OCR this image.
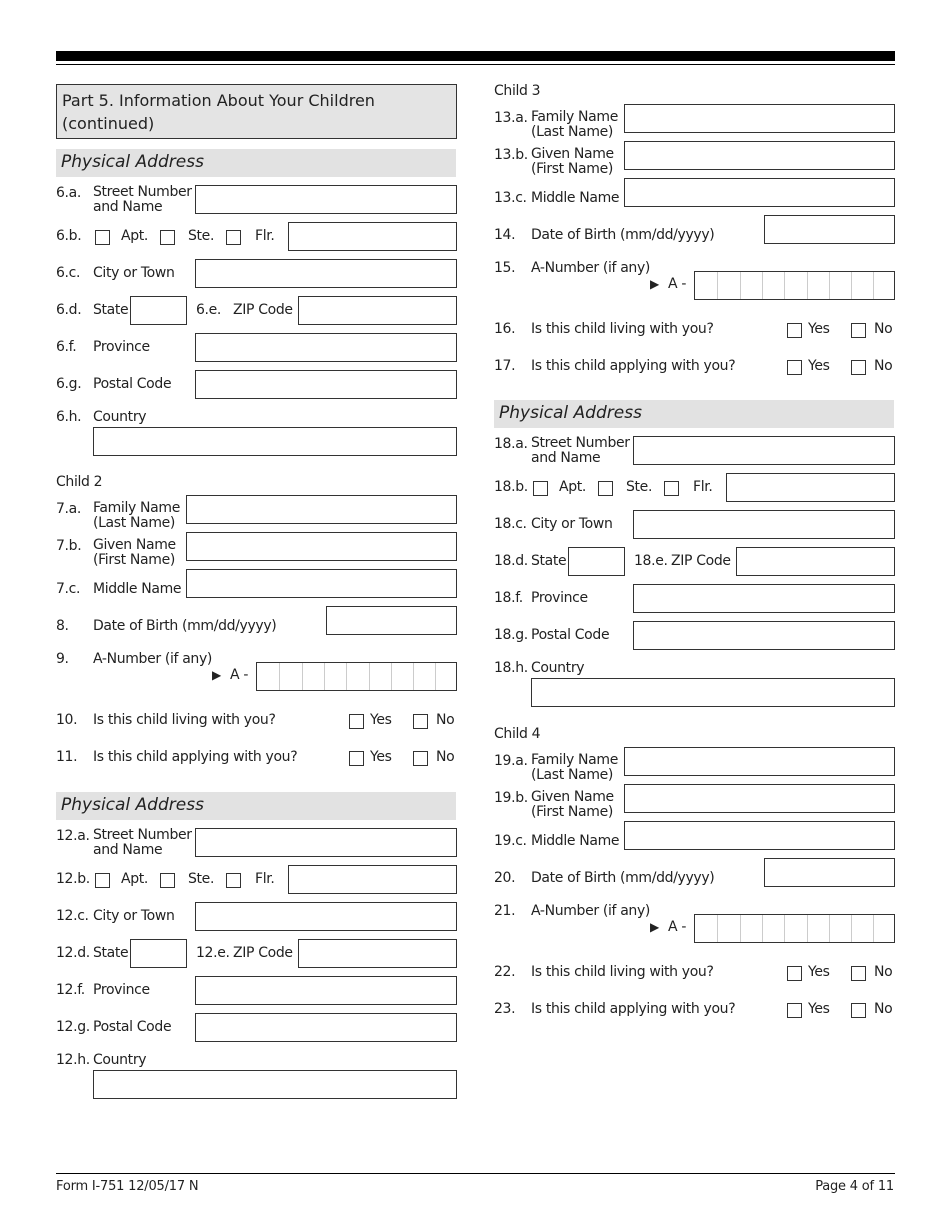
Part 5. Information About Your Children
(continued)
Physical Address
6.a. Street Number
and Name
6.b.	Apt.	Ste.	Flr.
6.c. City or Town
6.d. State	6.e. ZIP Code
6.f. Province
6.g. Postal Code
6.h. Country
Child 2
7.a. Family Name
(Last Name)
7.b. Given Name
(First Name)
7.c. Middle Name
8. Date of Birth (mm/dd/yyyy)
9. A-Number (if any)
▶ A -
10. Is this child living with you?	Yes	No
11. Is this child applying with you?	Yes	No
Physical Address
12.a. Street Number
and Name
12.b. Apt.	Ste.	Flr.
12.c. City or Town
12.d. State	12.e. ZIP Code
12.f. Province
12.g. Postal Code
12.h. Country
Child 3
13.a. Family Name
(Last Name)
13.b. Given Name
(First Name)
13.c. Middle Name
14. Date of Birth (mm/dd/yyyy)
15. A-Number (if any)
▶ A -
16. Is this child living with you?	Yes	No
17. Is this child applying with you?	Yes	No
Physical Address
18.a. Street Number
and Name
18.b. Apt.	Ste.	Flr.
18.c. City or Town
18.d. State	18.e. ZIP Code
18.f. Province
18.g. Postal Code
18.h. Country
Child 4
19.a. Family Name
(Last Name)
19.b. Given Name
(First Name)
19.c. Middle Name
20. Date of Birth (mm/dd/yyyy)
21. A-Number (if any)
▶ A -
22. Is this child living with you?	Yes	No
23. Is this child applying with you?	Yes	No
Form I-751 12/05/17 N	Page 4 of 11
